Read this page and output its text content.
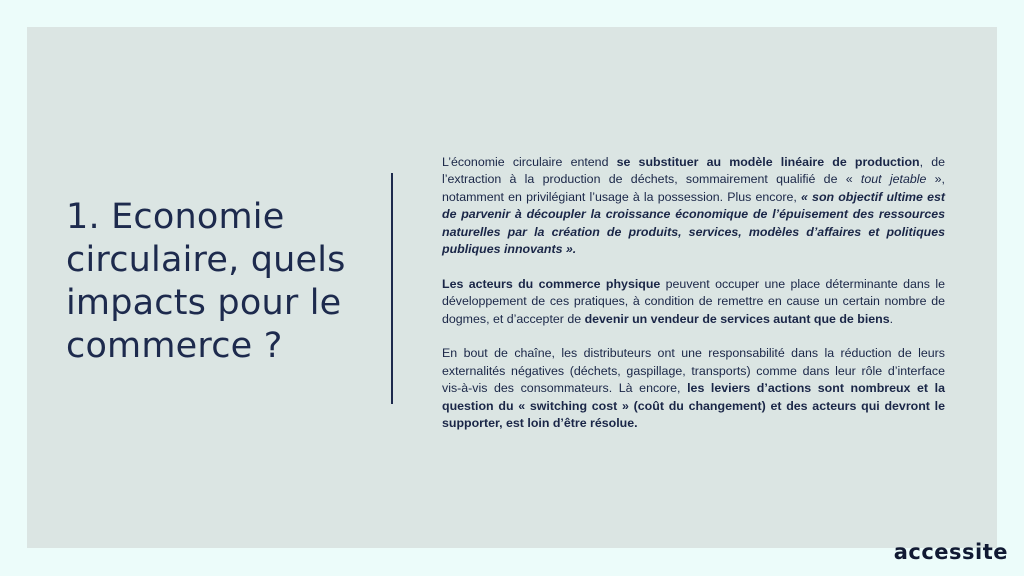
1. Economie circulaire, quels impacts pour le commerce ?

L’économie circulaire entend se substituer au modèle linéaire de production, de l’extraction à la production de déchets, sommairement qualifié de « tout jetable », notamment en privilégiant l’usage à la possession. Plus encore, « son objectif ultime est de parvenir à découpler la croissance économique de l’épuisement des ressources naturelles par la création de produits, services, modèles d’affaires et politiques publiques innovants ».

Les acteurs du commerce physique peuvent occuper une place déterminante dans le développement de ces pratiques, à condition de remettre en cause un certain nombre de dogmes, et d’accepter de devenir un vendeur de services autant que de biens.

En bout de chaîne, les distributeurs ont une responsabilité dans la réduction de leurs externalités négatives (déchets, gaspillage, transports) comme dans leur rôle d’interface vis-à-vis des consommateurs. Là encore, les leviers d’actions sont nombreux et la question du « switching cost » (coût du changement) et des acteurs qui devront le supporter, est loin d’être résolue.

accessite
